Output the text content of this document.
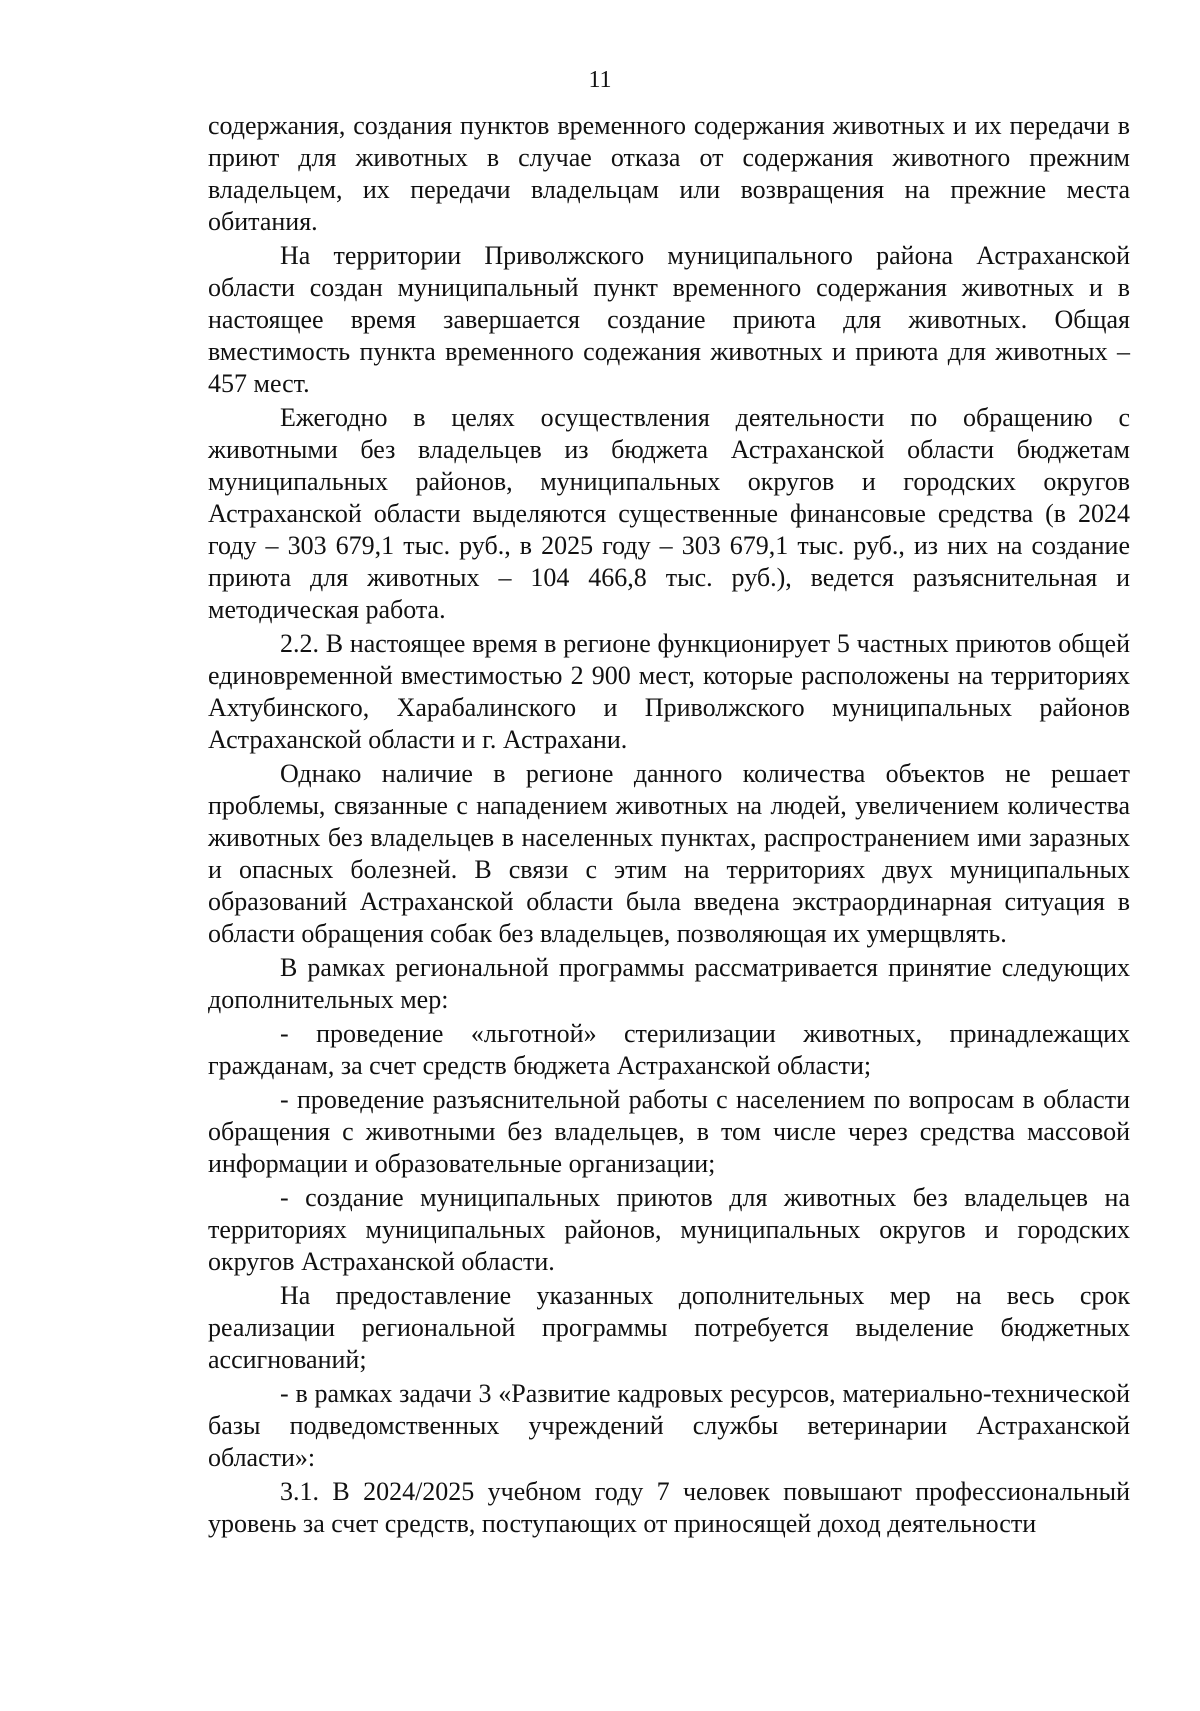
11

содержания, создания пунктов временного содержания животных и их передачи в приют для животных в случае отказа от содержания животного прежним владельцем, их передачи владельцам или возвращения на прежние места обитания.

На территории Приволжского муниципального района Астраханской области создан муниципальный пункт временного содержания животных и в настоящее время завершается создание приюта для животных. Общая вместимость пункта временного содежания животных и приюта для животных – 457 мест.

Ежегодно в целях осуществления деятельности по обращению с животными без владельцев из бюджета Астраханской области бюджетам муниципальных районов, муниципальных округов и городских округов Астраханской области выделяются существенные финансовые средства (в 2024 году – 303 679,1 тыс. руб., в 2025 году – 303 679,1 тыс. руб., из них на создание приюта для животных – 104 466,8 тыс. руб.), ведется разъяснительная и методическая работа.

2.2. В настоящее время в регионе функционирует 5 частных приютов общей единовременной вместимостью 2 900 мест, которые расположены на территориях Ахтубинского, Харабалинского и Приволжского муниципальных районов Астраханской области и г. Астрахани.

Однако наличие в регионе данного количества объектов не решает проблемы, связанные с нападением животных на людей, увеличением количества животных без владельцев в населенных пунктах, распространением ими заразных и опасных болезней. В связи с этим на территориях двух муниципальных образований Астраханской области была введена экстраординарная ситуация в области обращения собак без владельцев, позволяющая их умерщвлять.

В рамках региональной программы рассматривается принятие следующих дополнительных мер:

- проведение «льготной» стерилизации животных, принадлежащих гражданам, за счет средств бюджета Астраханской области;

- проведение разъяснительной работы с населением по вопросам в области обращения с животными без владельцев, в том числе через средства массовой информации и образовательные организации;

- создание муниципальных приютов для животных без владельцев на территориях муниципальных районов, муниципальных округов и городских округов Астраханской области.

На предоставление указанных дополнительных мер на весь срок реализации региональной программы потребуется выделение бюджетных ассигнований;

- в рамках задачи 3 «Развитие кадровых ресурсов, материально-технической базы подведомственных учреждений службы ветеринарии Астраханской области»:

3.1. В 2024/2025 учебном году 7 человек повышают профессиональный уровень за счет средств, поступающих от приносящей доход деятельности
